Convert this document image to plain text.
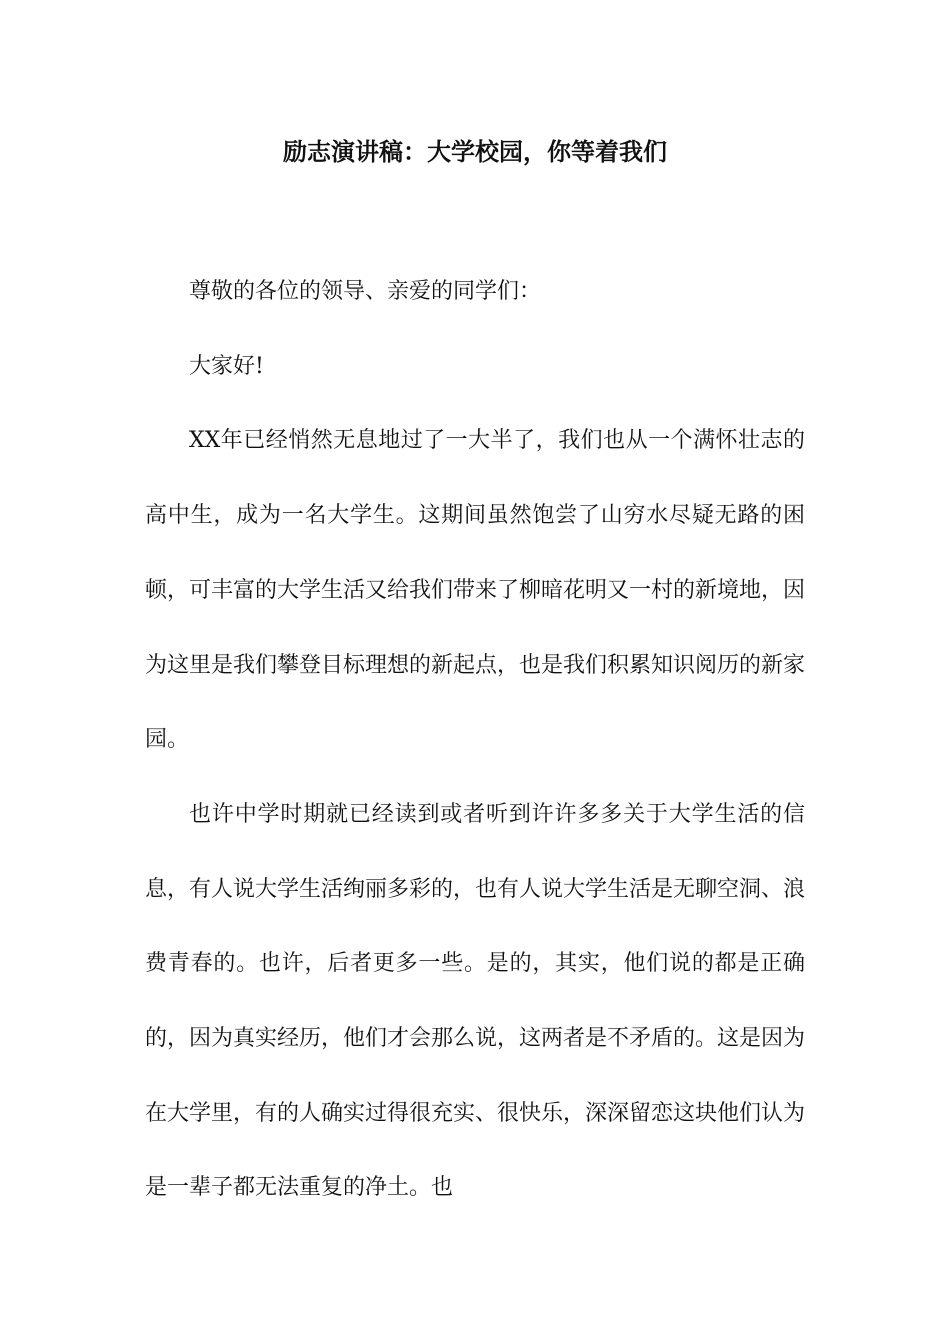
励志演讲稿：大学校园，你等着我们

尊敬的各位的领导、亲爱的同学们：

大家好!

XX年已经悄然无息地过了一大半了，我们也从一个满怀壮志的高中生，成为一名大学生。这期间虽然饱尝了山穷水尽疑无路的困顿，可丰富的大学生活又给我们带来了柳暗花明又一村的新境地，因为这里是我们攀登目标理想的新起点，也是我们积累知识阅历的新家园。

也许中学时期就已经读到或者听到许许多多关于大学生活的信息，有人说大学生活绚丽多彩的，也有人说大学生活是无聊空洞、浪费青春的。也许，后者更多一些。是的，其实，他们说的都是正确的，因为真实经历，他们才会那么说，这两者是不矛盾的。这是因为在大学里，有的人确实过得很充实、很快乐，深深留恋这块他们认为是一辈子都无法重复的净土。也
